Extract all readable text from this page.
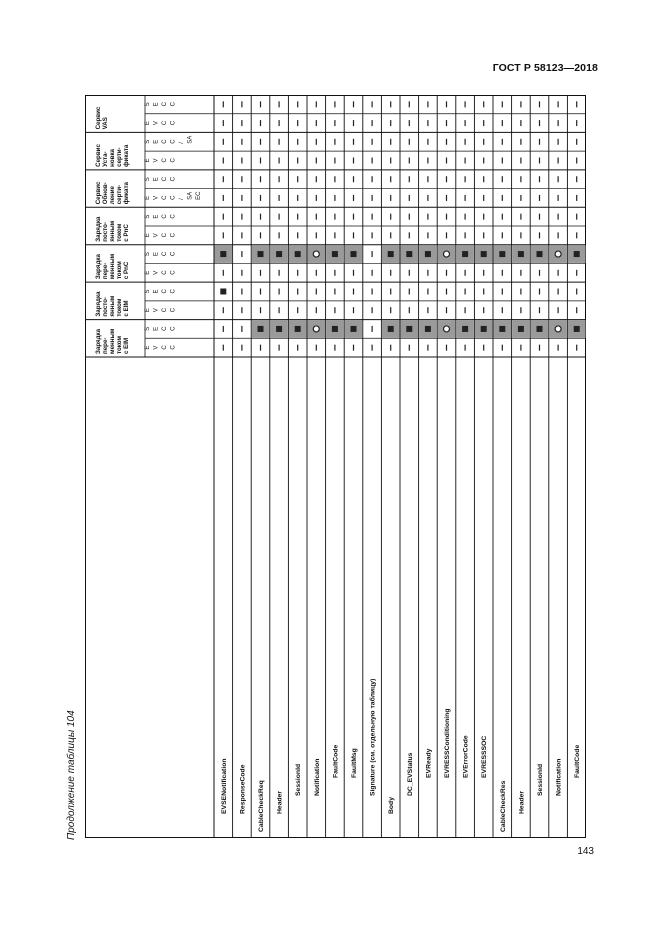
ГОСТ Р 58123—2018
Продолжение таблицы 104
Зарядкапере-меннымтокомс EIM
Зарядкапосто-яннымтокомс EIM
Зарядкапере-меннымтокомс PnC
Зарядкапосто-яннымтокомс PnC
СервисОбнов-лениесерти-фиката
СервисУста-новкасерти-фиката
СервисVAS
E V C C
S E C C
E V C C
S E C C
E V C C
S E C C
E V C C
S E C C
E V C C / SA EC
S E C C
E V C C
S E C C / SA
E V C C
S E C C
EVSENotification ResponseCode CableCheckReq Header
SessionId Notification FaultCode FaultMsg Signature (см. отдельную таблицу)
Body
DC_EVStatus EVReady EVRESSConditioning EVErrorCode EVRESSSOC
CableCheckRes Header
SessionId Notification FaultCode
143
